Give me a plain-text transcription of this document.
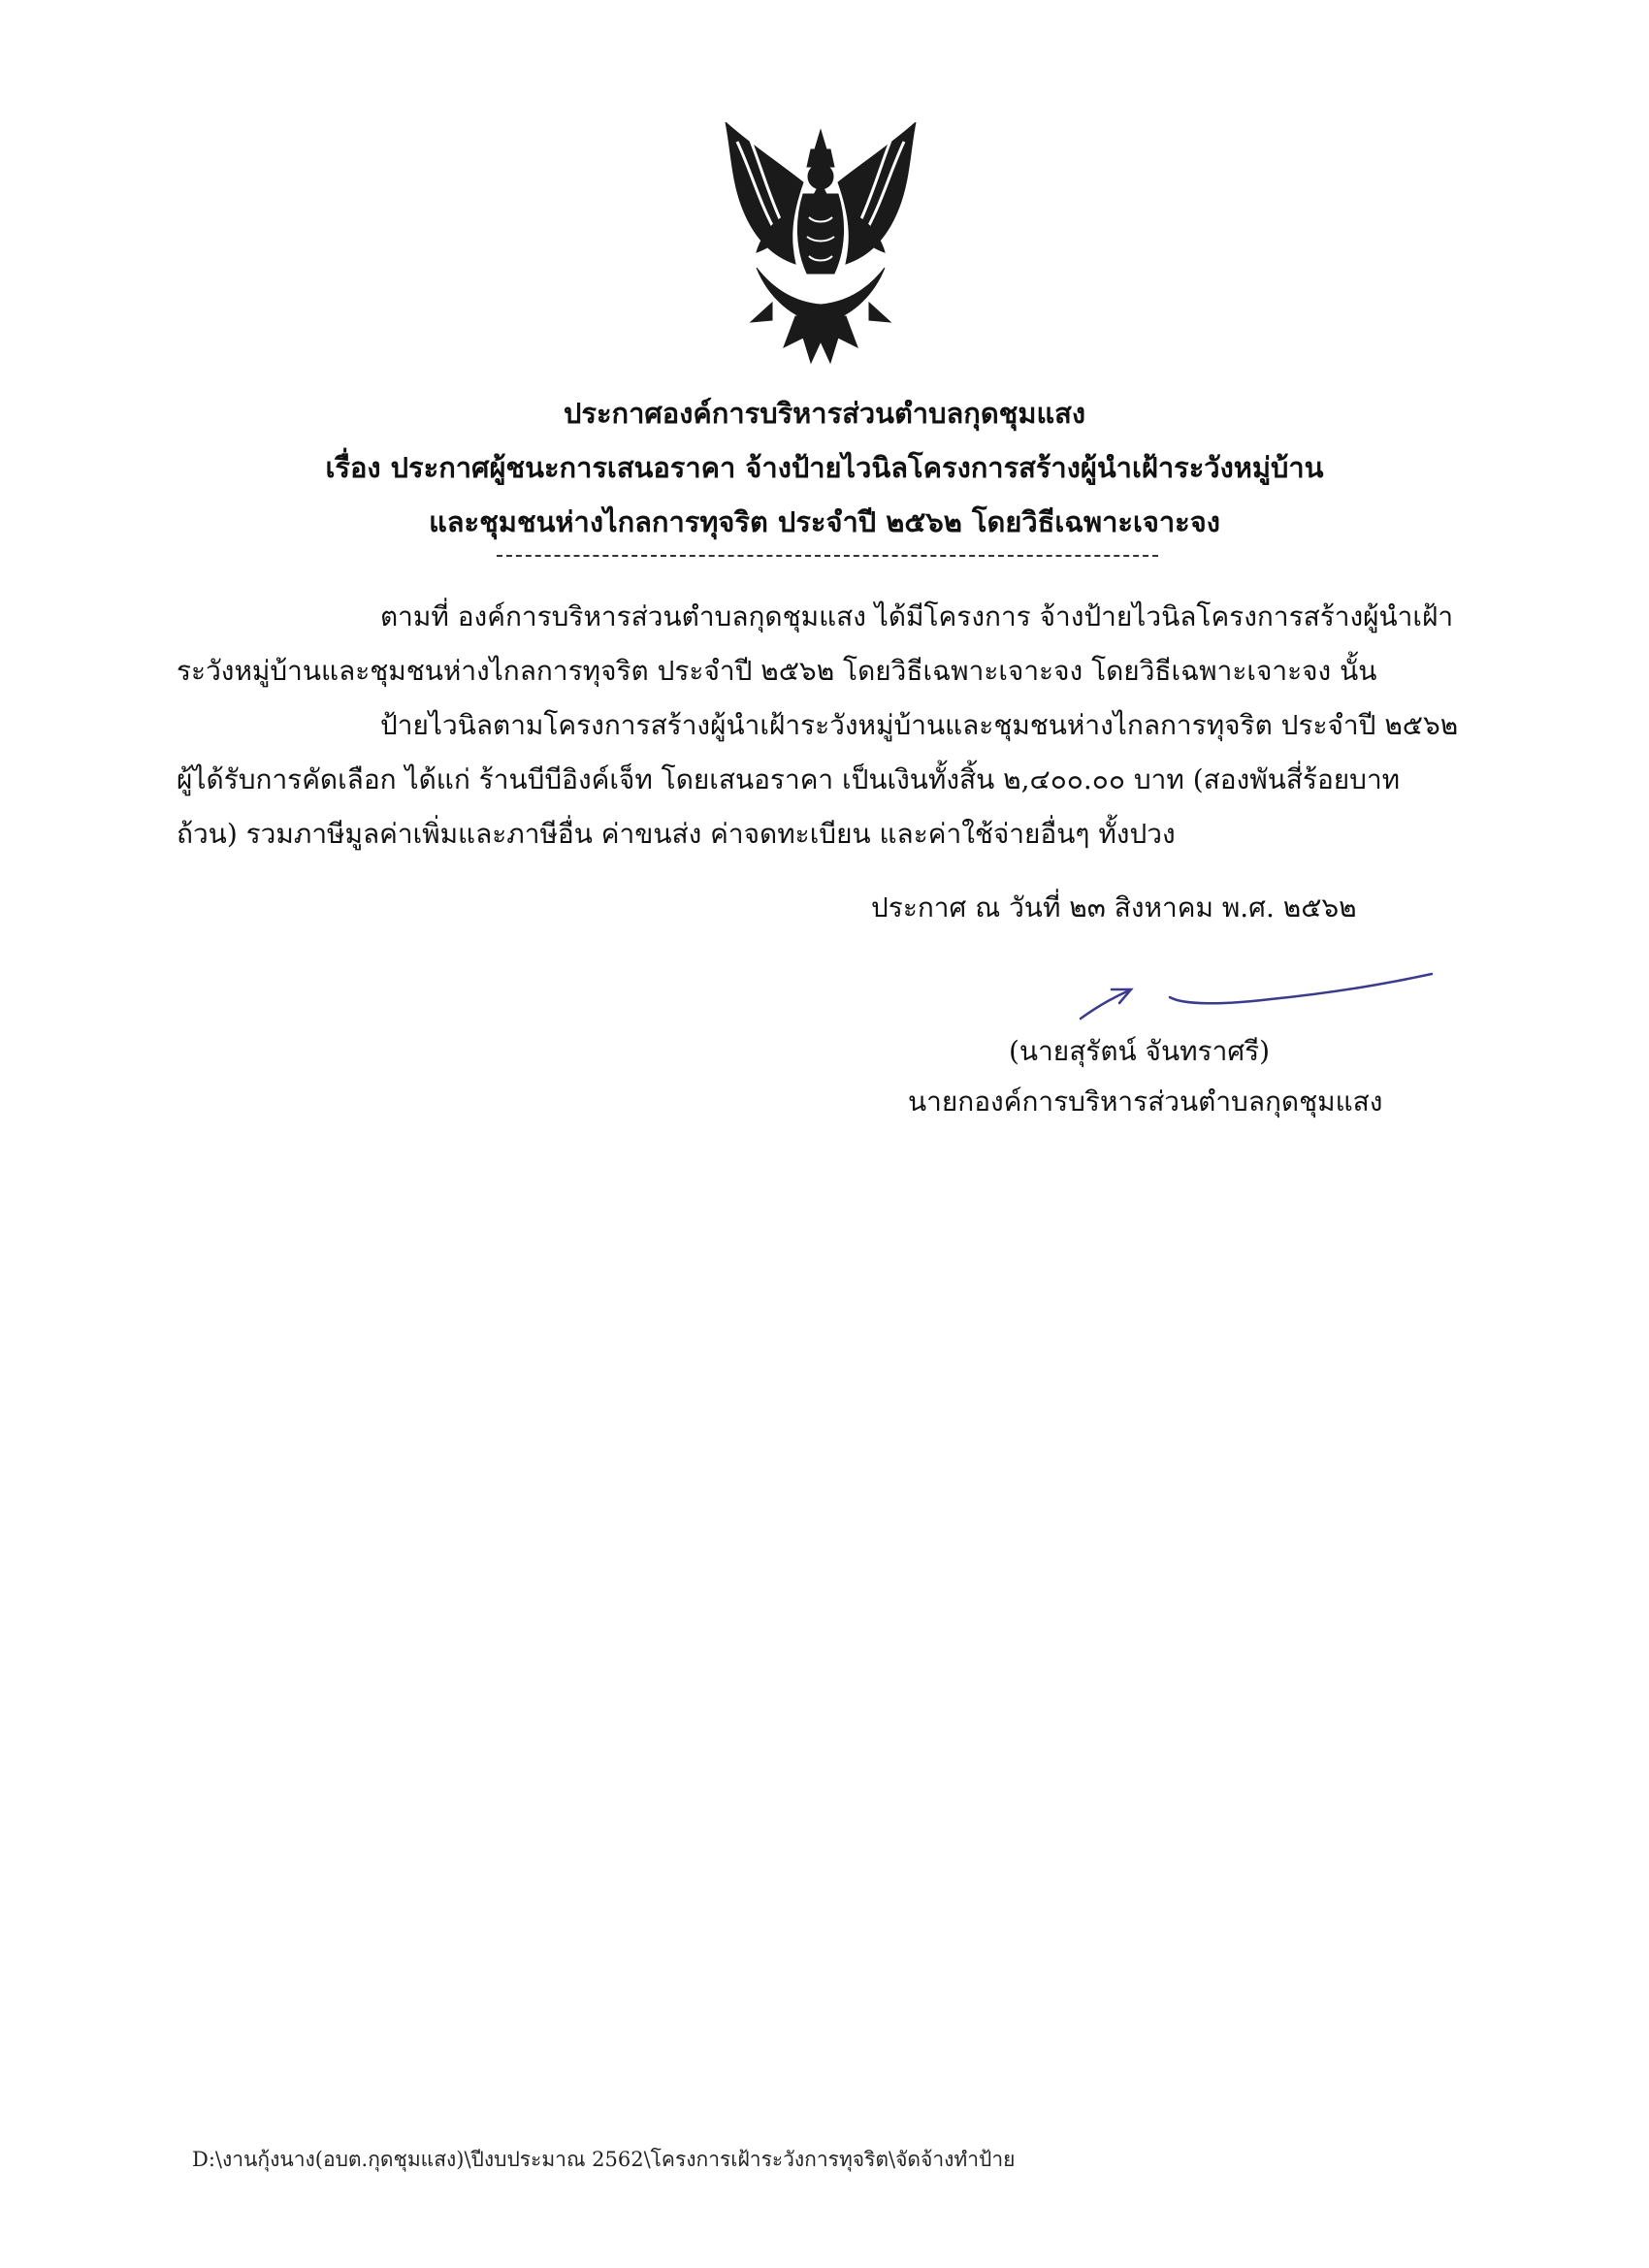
ประกาศองค์การบริหารส่วนตำบลกุดชุมแสง
เรื่อง ประกาศผู้ชนะการเสนอราคา จ้างป้ายไวนิลโครงการสร้างผู้นำเฝ้าระวังหมู่บ้าน
และชุมชนห่างไกลการทุจริต ประจำปี ๒๕๖๒ โดยวิธีเฉพาะเจาะจง

ตามที่ องค์การบริหารส่วนตำบลกุดชุมแสง ได้มีโครงการ จ้างป้ายไวนิลโครงการสร้างผู้นำเฝ้า

ระวังหมู่บ้านและชุมชนห่างไกลการทุจริต ประจำปี ๒๕๖๒ โดยวิธีเฉพาะเจาะจง โดยวิธีเฉพาะเจาะจง นั้น

ป้ายไวนิลตามโครงการสร้างผู้นำเฝ้าระวังหมู่บ้านและชุมชนห่างไกลการทุจริต ประจำปี ๒๕๖๒

ผู้ได้รับการคัดเลือก ได้แก่ ร้านบีบีอิงค์เจ็ท โดยเสนอราคา เป็นเงินทั้งสิ้น ๒,๔๐๐.๐๐ บาท (สองพันสี่ร้อยบาท

ถ้วน) รวมภาษีมูลค่าเพิ่มและภาษีอื่น ค่าขนส่ง ค่าจดทะเบียน และค่าใช้จ่ายอื่นๆ ทั้งปวง

ประกาศ ณ วันที่ ๒๓ สิงหาคม พ.ศ. ๒๕๖๒
(นายสุรัตน์ จันทราศรี)
นายกองค์การบริหารส่วนตำบลกุดชุมแสง
D:\งานกุ้งนาง(อบต.กุดชุมแสง)\ปีงบประมาณ 2562\โครงการเฝ้าระวังการทุจริต\จัดจ้างทำป้าย
